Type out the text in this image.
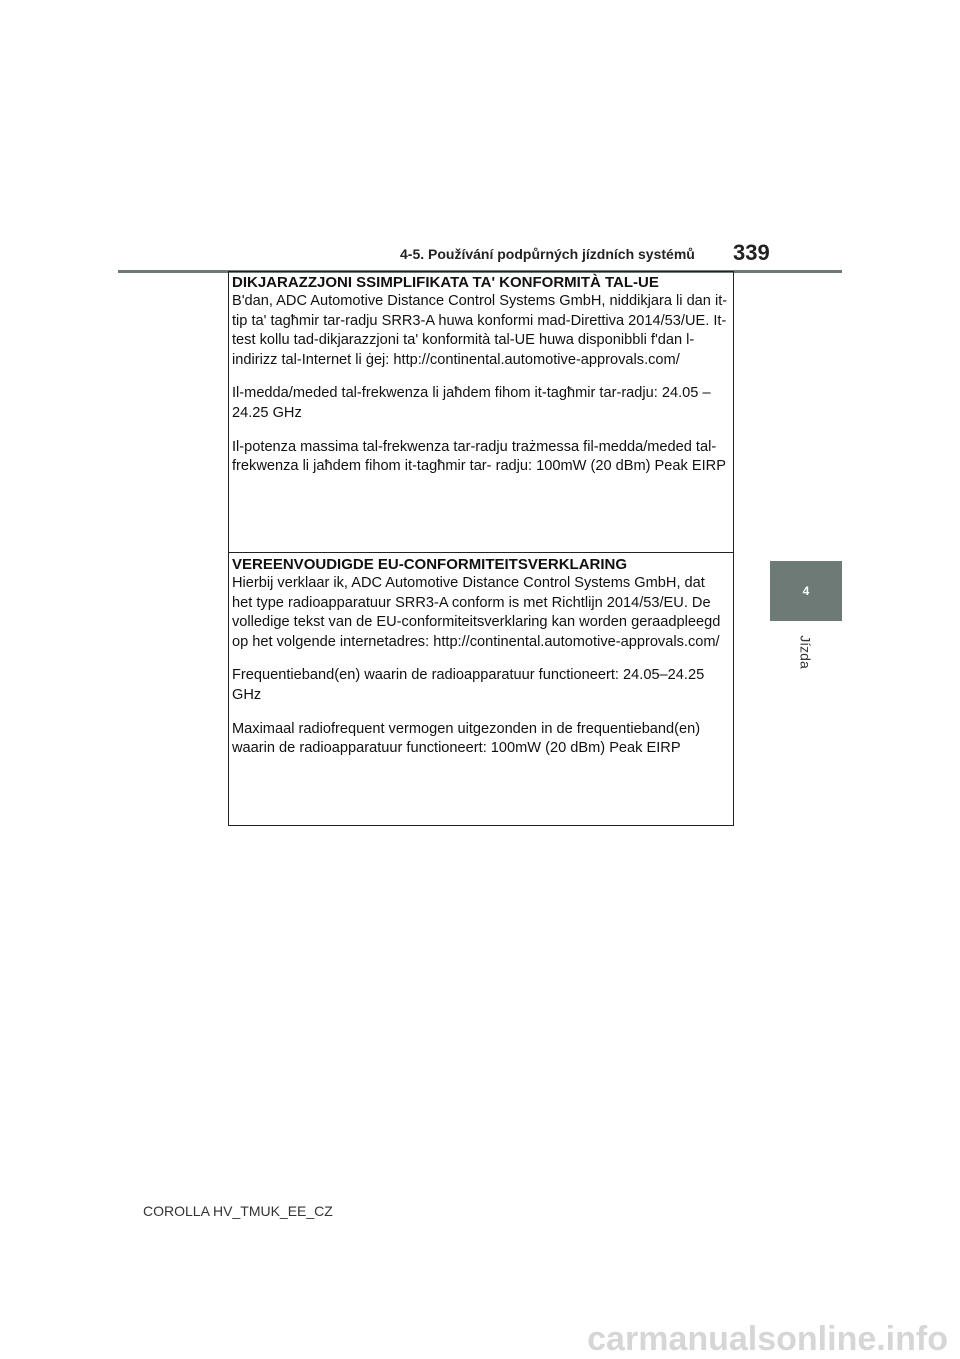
4-5. Používání podpůrných jízdních systémů 339
4
Jízda

DIKJARAZZJONI SSIMPLIFIKATA TA' KONFORMITÀ TAL-UE

B'dan, ADC Automotive Distance Control Systems GmbH, niddikjara li dan it-tip ta' tagħmir tar-radju SRR3-A huwa konformi mad-Direttiva 2014/53/UE. It-test kollu tad-dikjarazzjoni ta' konformità tal-UE huwa disponibbli f'dan l-indirizz tal-Internet li ġej: http://continental.automotive-approvals.com/

Il-medda/meded tal-frekwenza li jaħdem fihom it-tagħmir tar-radju: 24.05 –24.25 GHz

Il-potenza massima tal-frekwenza tar-radju trażmessa fil-medda/meded tal-frekwenza li jaħdem fihom it-tagħmir tar- radju: 100mW (20 dBm) Peak EIRP

VEREENVOUDIGDE EU-CONFORMITEITSVERKLARING

Hierbij verklaar ik, ADC Automotive Distance Control Systems GmbH, dat het type radioapparatuur SRR3-A conform is met Richtlijn 2014/53/EU. De volledige tekst van de EU-conformiteitsverklaring kan worden geraadpleegd op het volgende internetadres: http://continental.automotive-approvals.com/

Frequentieband(en) waarin de radioapparatuur functioneert: 24.05–24.25 GHz

Maximaal radiofrequent vermogen uitgezonden in de frequentieband(en) waarin de radioapparatuur functioneert: 100mW (20 dBm) Peak EIRP

COROLLA HV_TMUK_EE_CZ
carmanualsonline.info
